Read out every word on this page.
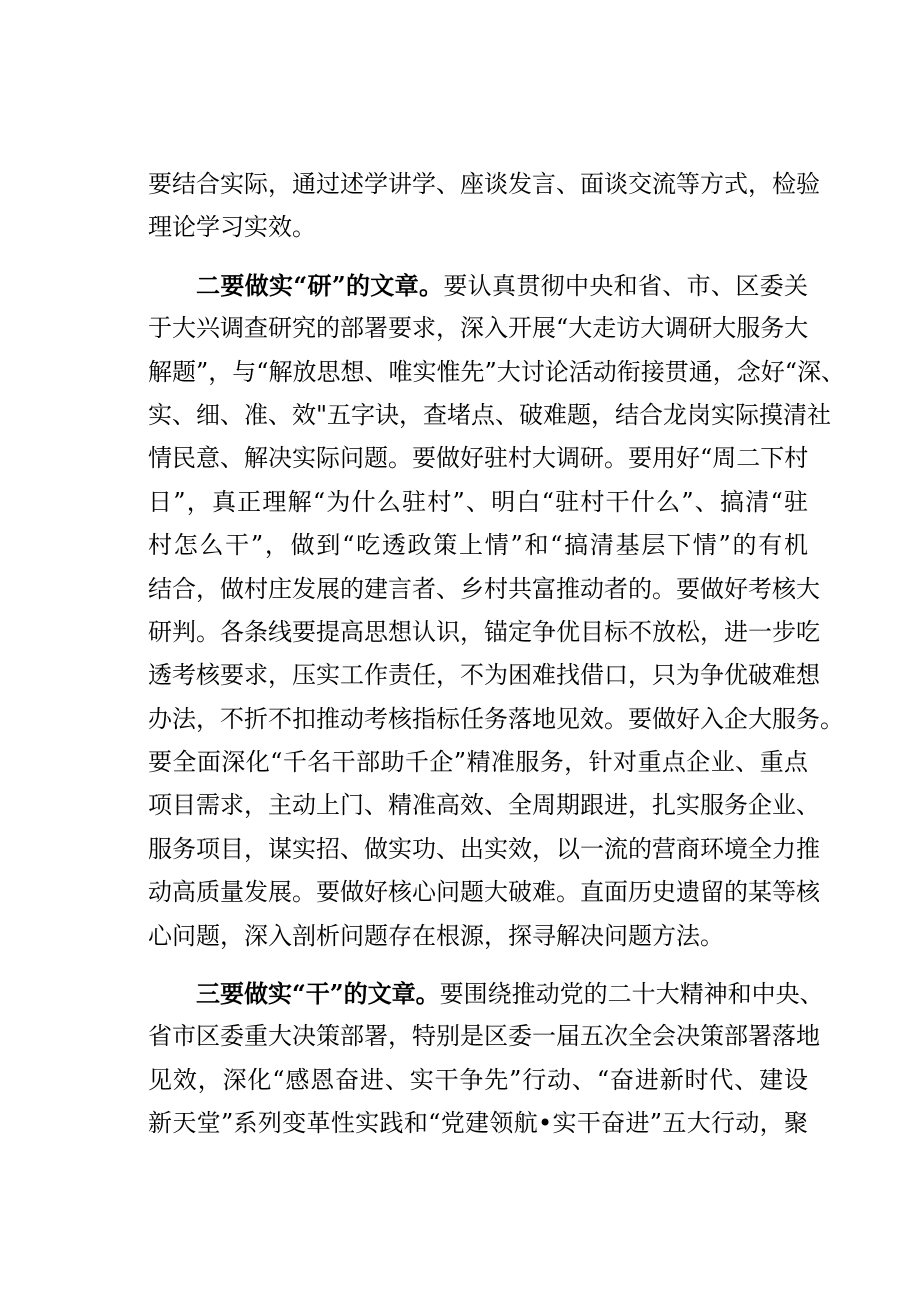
要结合实际，通过述学讲学、座谈发言、面谈交流等方式，检验
理论学习实效。
二要做实“研”的文章。要认真贯彻中央和省、市、区委关
于大兴调查研究的部署要求，深入开展“大走访大调研大服务大
解题”，与“解放思想、唯实惟先”大讨论活动衔接贯通，念好“深、
实、细、准、效"五字诀，查堵点、破难题，结合龙岗实际摸清社
情民意、解决实际问题。要做好驻村大调研。要用好“周二下村
日”，真正理解“为什么驻村”、明白“驻村干什么”、搞清“驻
村怎么干”，做到“吃透政策上情”和“搞清基层下情”的有机
结合，做村庄发展的建言者、乡村共富推动者的。要做好考核大
研判。各条线要提高思想认识，锚定争优目标不放松，进一步吃
透考核要求，压实工作责任，不为困难找借口，只为争优破难想
办法，不折不扣推动考核指标任务落地见效。要做好入企大服务。
要全面深化“千名干部助千企”精准服务，针对重点企业、重点
项目需求，主动上门、精准高效、全周期跟进，扎实服务企业、
服务项目，谋实招、做实功、出实效，以一流的营商环境全力推
动高质量发展。要做好核心问题大破难。直面历史遗留的某等核
心问题，深入剖析问题存在根源，探寻解决问题方法。
三要做实“干”的文章。要围绕推动党的二十大精神和中央、
省市区委重大决策部署，特别是区委一届五次全会决策部署落地
见效，深化“感恩奋进、实干争先”行动、“奋进新时代、建设
新天堂”系列变革性实践和“党建领航•实干奋进”五大行动，聚
